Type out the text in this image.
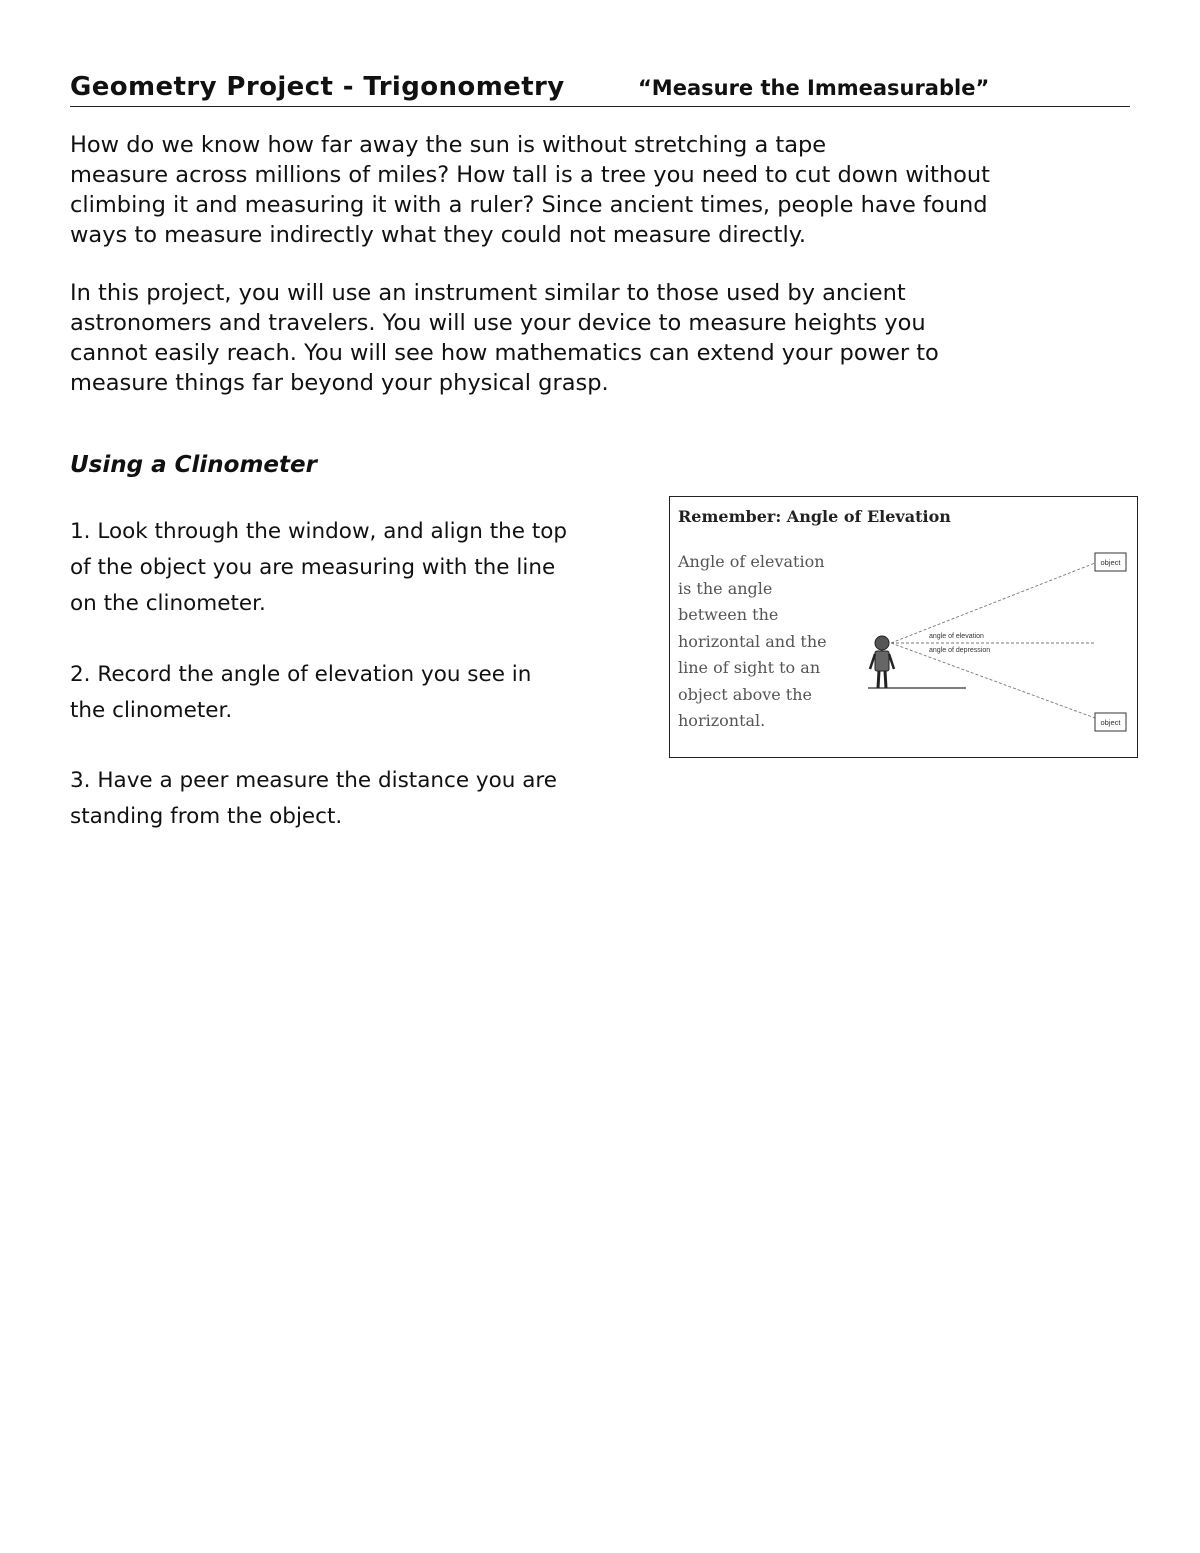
Geometry Project - Trigonometry	“Measure the Immeasurable”

How do we know how far away the sun is without stretching a tape
measure across millions of miles? How tall is a tree you need to cut down without
climbing it and measuring it with a ruler? Since ancient times, people have found
ways to measure indirectly what they could not measure directly.

In this project, you will use an instrument similar to those used by ancient
astronomers and travelers. You will use your device to measure heights you
cannot easily reach. You will see how mathematics can extend your power to
measure things far beyond your physical grasp.

Using a Clinometer

1. Look through the window, and align the top
of the object you are measuring with the line
on the clinometer.

2. Record the angle of elevation you see in
the clinometer.

3. Have a peer measure the distance you are
standing from the object.

Remember: Angle of Elevation
Angle of elevation
is the angle
between the
horizontal and the
line of sight to an
object above the
horizontal.
angle of elevation
angle of depression
object
object
